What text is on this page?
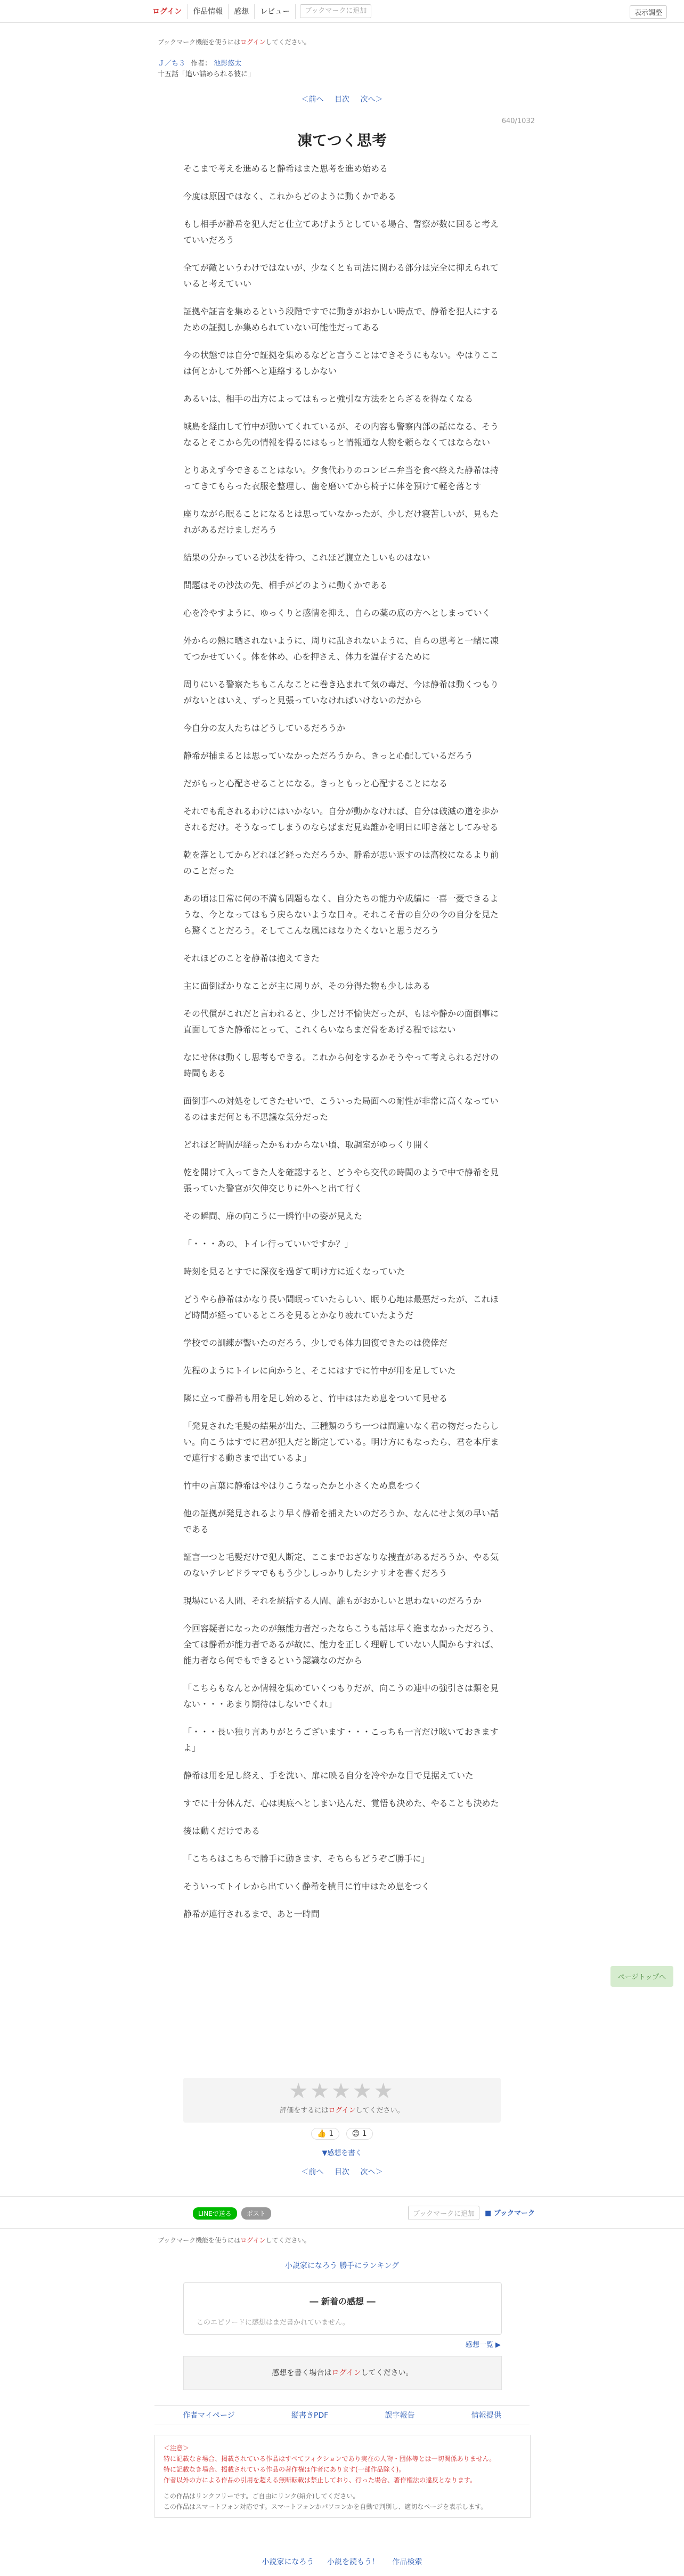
ログイン	作品情報	感想	レビュー	ブックマークに追加	表示調整
ブックマーク機能を使うにはログインしてください。
Ｊ／ち３ 作者： 池影悠太
十五話「追い詰められる彼に」
＜前へ 目次 次へ＞
640/1032
凍てつく思考

そこまで考えを進めると静希はまた思考を進め始める

今度は原因ではなく、これからどのように動くかである

もし相手が静希を犯人だと仕立てあげようとしている場合、警察が数に回ると考えていいだろう

全てが敵というわけではないが、少なくとも司法に関わる部分は完全に抑えられていると考えていい

証拠や証言を集めるという段階ですでに動きがおかしい時点で、静希を犯人にするための証拠しか集められていない可能性だってある

今の状態では自分で証拠を集めるなどと言うことはできそうにもない。やはりここは何とかして外部へと連絡するしかない

あるいは、相手の出方によってはもっと強引な方法をとらざるを得なくなる

城島を経由して竹中が動いてくれているが、その内容も警察内部の話になる、そうなるとそこから先の情報を得るにはもっと情報通な人物を頼らなくてはならない

とりあえず今できることはない。夕食代わりのコンビニ弁当を食べ終えた静希は持ってきてもらった衣服を整理し、歯を磨いてから椅子に体を預けて軽を落とす

座りながら眠ることになるとは思っていなかったが、少しだけ寝苦しいが、見もたれがあるだけましだろう

結果の分かっている沙汰を待つ、これほど腹立たしいものはない

問題はその沙汰の先、相手がどのように動くかである

心を冷やすように、ゆっくりと感情を抑え、自らの薬の底の方へとしまっていく

外からの熱に晒されないように、周りに乱されないように、自らの思考と一緒に凍てつかせていく。体を休め、心を押さえ、体力を温存するために

周りにいる警察たちもこんなことに巻き込まれて気の毒だ、今は静希は動くつもりがないとはいえ、ずっと見張っていなければいけないのだから

今自分の友人たちはどうしているだろうか

静希が捕まるとは思っていなかっただろうから、きっと心配しているだろう

だがもっと心配させることになる。きっともっと心配することになる

それでも乱されるわけにはいかない。自分が動かなければ、自分は破滅の道を歩かされるだけ。そうなってしまうのならばまだ見ぬ誰かを明日に叩き落としてみせる

乾を落としてからどれほど経っただろうか、静希が思い返すのは高校になるより前のことだった

あの頃は日常に何の不満も問題もなく、自分たちの能力や成績に一喜一憂できるような、今となってはもう戻らないような日々。それこそ昔の自分の今の自分を見たら驚くことだろう。そしてこんな風にはなりたくないと思うだろう

それほどのことを静希は抱えてきた

主に面倒ばかりなことが主に周りが、その分得た物も少しはある

その代償がこれだと言われると、少しだけ不愉快だったが、もはや静かの面倒事に直面してきた静希にとって、これくらいならまだ骨をあげる程ではない

なにせ体は動くし思考もできる。これから何をするかそうやって考えられるだけの時間もある

面倒事への対処をしてきたせいで、こういった局面への耐性が非常に高くなっているのはまだ何とも不思議な気分だった

どれほど時間が経ったかもわからない頃、取調室がゆっくり開く

乾を開けて入ってきた人を確認すると、どうやら交代の時間のようで中で静希を見張っていた警官が欠伸交じりに外へと出て行く

その瞬間、扉の向こうに一瞬竹中の姿が見えた

「・・・あの、トイレ行っていいですか？」

時刻を見るとすでに深夜を過ぎて明け方に近くなっていた

どうやら静希はかなり長い間眠っていたらしい、眠り心地は最悪だったが、これほど時間が経っているところを見るとかなり疲れていたようだ

学校での訓練が響いたのだろう、少しでも体力回復できたのは僥倖だ

先程のようにトイレに向かうと、そこにはすでに竹中が用を足していた

隣に立って静希も用を足し始めると、竹中ははため息をついて見せる

「発見された毛髪の結果が出た、三種類のうち一つは間違いなく君の物だったらしい。向こうはすでに君が犯人だと断定している。明け方にもなったら、君を本庁まで連行する動きまで出ているよ」

竹中の言葉に静希はやはりこうなったかと小さくため息をつく

他の証拠が発見されるより早く静希を捕えたいのだろうか、なんにせよ気の早い話である

証言一つと毛髪だけで犯人断定、ここまでおざなりな捜査があるだろうか、やる気のないテレビドラマでももう少ししっかりしたシナリオを書くだろう

現場にいる人間、それを統括する人間、誰もがおかしいと思わないのだろうか

今回容疑者になったのが無能力者だったならこうも話は早く進まなかっただろう、全ては静希が能力者であるが故に、能力を正しく理解していない人間からすれば、能力者なら何でもできるという認識なのだから

「こちらもなんとか情報を集めていくつもりだが、向こうの連中の強引さは類を見ない・・・あまり期待はしないでくれ」

「・・・長い独り言ありがとうございます・・・こっちも一言だけ呟いておきますよ」

静希は用を足し終え、手を洗い、扉に映る自分を冷やかな目で見据えていた

すでに十分休んだ、心は奥底へとしまい込んだ、覚悟も決めた、やることも決めた

後は動くだけである

「こちらはこちらで勝手に動きます、そちらもどうぞご勝手に」

そういってトイレから出ていく静希を横目に竹中はため息をつく

静希が連行されるまで、あと一時間

ページトップへ
★★★★★
評価をするにはログインしてください。
👍 1 😊 1
▼感想を書く
＜前へ 目次 次へ＞
LINEで送る	ポスト	ブックマークに追加	■ ブックマーク
ブックマーク機能を使うにはログインしてください。
小説家になろう 勝手にランキング
― 新着の感想 ―
このエピソードに感想はまだ書かれていません。
感想一覧 ▶
感想を書く場合はログインしてください。
作者マイページ	縦書きPDF	誤字報告	情報提供
＜注意＞
特に記載なき場合、掲載されている作品はすべてフィクションであり実在の人物・団体等とは一切関係ありません。
特に記載なき場合、掲載されている作品の著作権は作者にあります(一部作品除く)。
作者以外の方による作品の引用を超える無断転載は禁止しており、行った場合、著作権法の違反となります。
この作品はリンクフリーです。ご自由にリンク(紹介)してください。
この作品はスマートフォン対応です。スマートフォンかパソコンかを自動で判別し、適切なページを表示します。
小説家になろう 小説を読もう！ 作品検索
